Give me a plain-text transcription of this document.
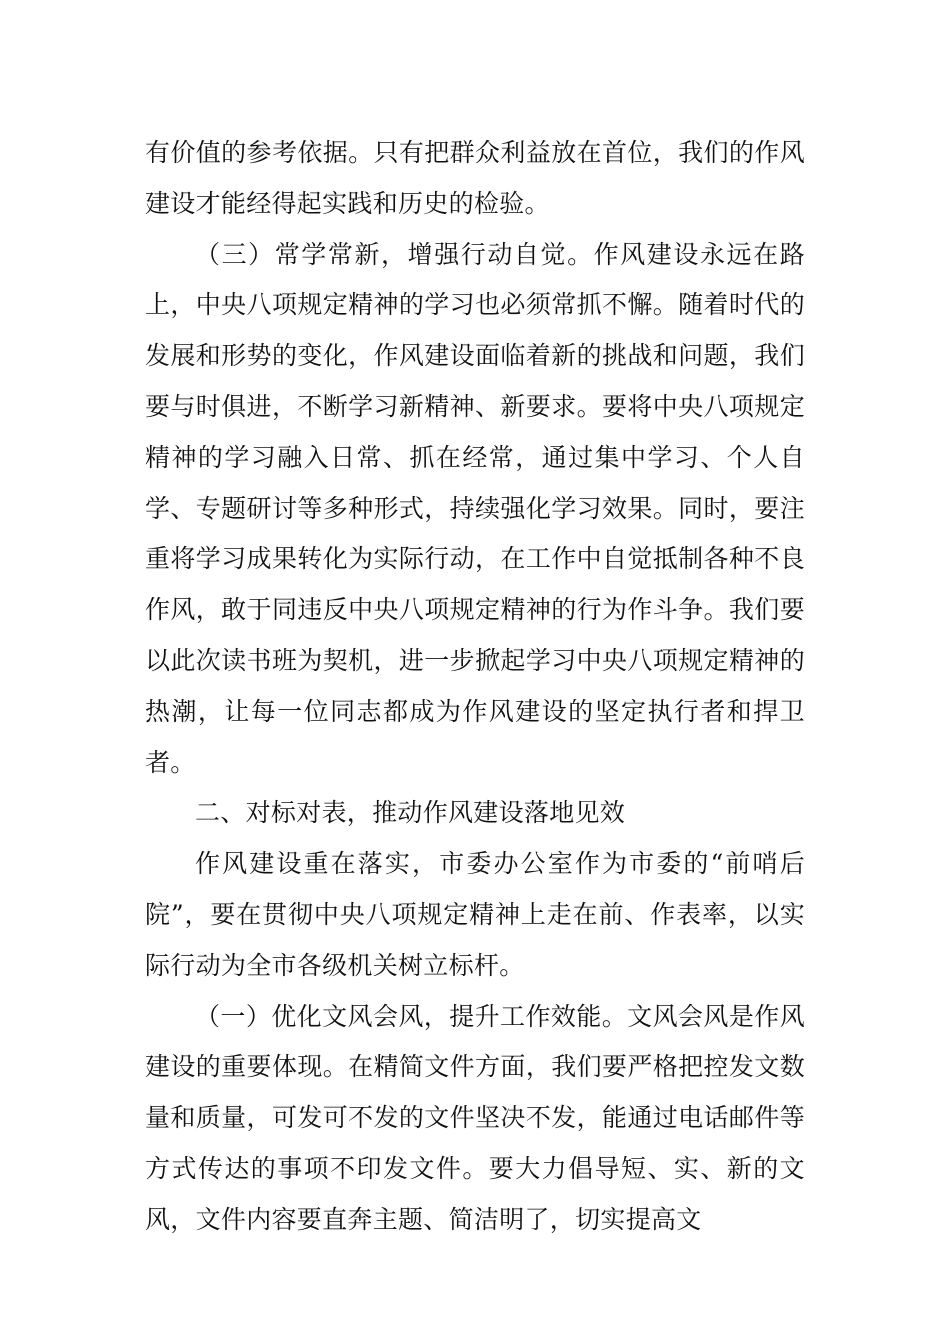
有价值的参考依据。只有把群众利益放在首位，我们的作风建设才能经得起实践和历史的检验。

（三）常学常新，增强行动自觉。作风建设永远在路上，中央八项规定精神的学习也必须常抓不懈。随着时代的发展和形势的变化，作风建设面临着新的挑战和问题，我们要与时俱进，不断学习新精神、新要求。要将中央八项规定精神的学习融入日常、抓在经常，通过集中学习、个人自学、专题研讨等多种形式，持续强化学习效果。同时，要注重将学习成果转化为实际行动，在工作中自觉抵制各种不良作风，敢于同违反中央八项规定精神的行为作斗争。我们要以此次读书班为契机，进一步掀起学习中央八项规定精神的热潮，让每一位同志都成为作风建设的坚定执行者和捍卫者。

二、对标对表，推动作风建设落地见效

作风建设重在落实，市委办公室作为市委的“前哨后院”，要在贯彻中央八项规定精神上走在前、作表率，以实际行动为全市各级机关树立标杆。

（一）优化文风会风，提升工作效能。文风会风是作风建设的重要体现。在精简文件方面，我们要严格把控发文数量和质量，可发可不发的文件坚决不发，能通过电话邮件等方式传达的事项不印发文件。要大力倡导短、实、新的文风，文件内容要直奔主题、简洁明了，切实提高文
